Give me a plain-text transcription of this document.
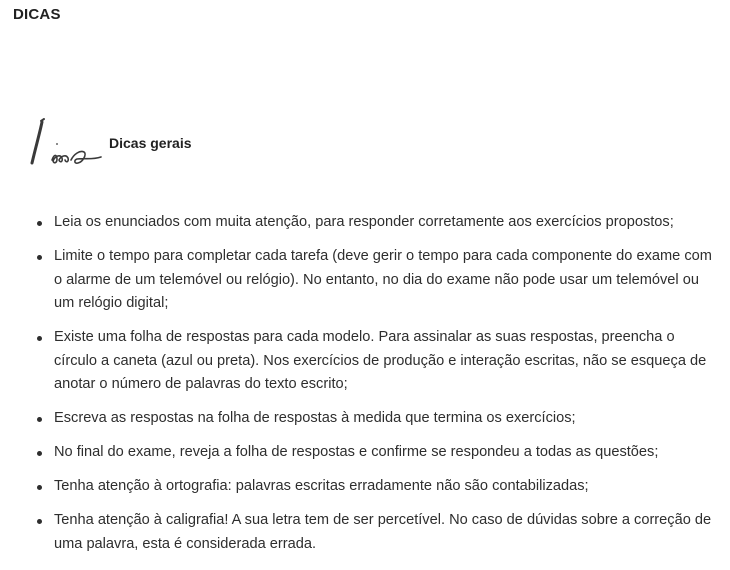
DICAS
Dicas gerais
Leia os enunciados com muita atenção, para responder corretamente aos exercícios propostos;
Limite o tempo para completar cada tarefa (deve gerir o tempo para cada componente do exame com o alarme de um telemóvel ou relógio). No entanto, no dia do exame não pode usar um telemóvel ou um relógio digital;
Existe uma folha de respostas para cada modelo. Para assinalar as suas respostas, preencha o círculo a caneta (azul ou preta). Nos exercícios de produção e interação escritas, não se esqueça de anotar o número de palavras do texto escrito;
Escreva as respostas na folha de respostas à medida que termina os exercícios;
No final do exame, reveja a folha de respostas e confirme se respondeu a todas as questões;
Tenha atenção à ortografia: palavras escritas erradamente não são contabilizadas;
Tenha atenção à caligrafia! A sua letra tem de ser percetível. No caso de dúvidas sobre a correção de uma palavra, esta é considerada errada.
